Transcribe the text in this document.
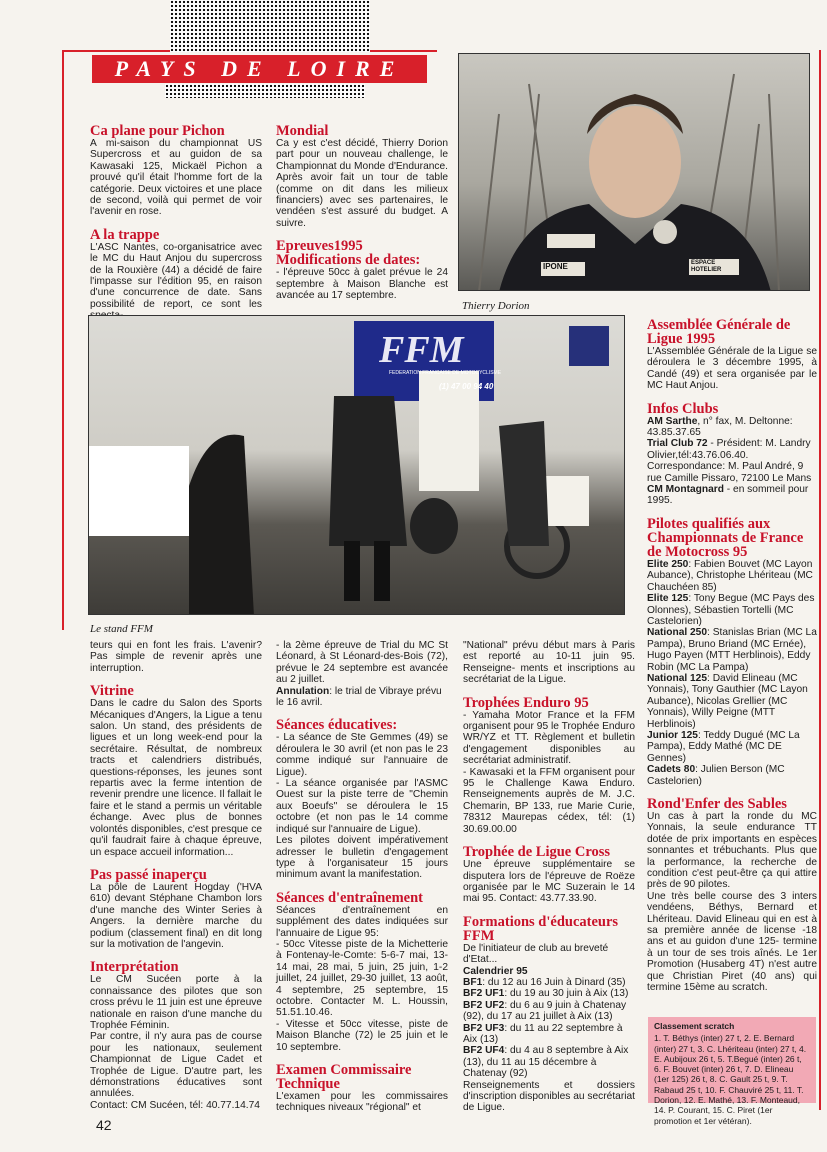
PAYS DE LOIRE
Ca plane pour Pichon

A mi-saison du championnat US Supercross et au guidon de sa Kawasaki 125, Mickaël Pichon a prouvé qu'il était l'homme fort de la catégorie. Deux victoires et une place de second, voilà qui permet de voir l'avenir en rose.

A la trappe

L'ASC Nantes, co-organisatrice avec le MC du Haut Anjou du supercross de la Rouxière (44) a décidé de faire l'impasse sur l'édition 95, en raison d'une concurrence de date. Sans possibilité de report, ce sont les

Mondial

Ca y est c'est décidé, Thierry Dorion part pour un nouveau challenge, le Championnat du Monde d'Endurance. Après avoir fait un tour de table (comme on dit dans les milieux financiers) avec ses partenaires, le vendéen s'est assuré du budget. A suivre.

Epreuves1995 Modifications de dates:

- l'épreuve 50cc à galet prévue le 24 septembre à Maison Blanche est avancée au 17 septembre.

IPONE	ESPACE HOTELIER
Thierry Dorion
FFM
FEDERATION FRANCAISE DE MOTOCYCLISME
(1) 47 00 94 40
Le stand FFM
Assemblée Générale de Ligue 1995

L'Assemblée Générale de la Ligue se déroulera le 3 décembre 1995, à Candé (49) et sera organisée par le MC Haut Anjou.

Infos Clubs

AM Sarthe, n° fax, M. Deltonne: 43.85.37.65

Trial Club 72 - Président: M. Landry Olivier,tél:43.76.06.40.

Correspondance: M. Paul André, 9 rue Camille Pissaro, 72100 Le Mans

CM Montagnard - en sommeil pour 1995.

Pilotes qualifiés aux Championnats de France de Motocross 95

Elite 250: Fabien Bouvet (MC Layon Aubance), Christophe Lhériteau (MC Chauchéen 85)

Elite 125: Tony Begue (MC Pays des Olonnes), Sébastien Tortelli (MC Castelorien)

National 250: Stanislas Brian (MC La Pampa), Bruno Briand (MC Ernée), Hugo Payen (MTT Herblinois), Eddy Robin (MC La Pampa)

National 125: David Elineau (MC Yonnais), Tony Gauthier (MC Layon Aubance), Nicolas Grellier (MC Yonnais), Willy Peigne (MTT Herblinois)

Junior 125: Teddy Dugué (MC La Pampa), Eddy Mathé (MC DE Gennes)

Cadets 80: Julien Berson (MC Castelorien)

Rond'Enfer des Sables

Un cas à part la ronde du MC Yonnais, la seule endurance TT dotée de prix importants en espèces sonnantes et trébuchants. Plus que la performance, la recherche de condition c'est peut-être ça qui attire près de 90 pilotes.

Une très belle course des 3 inters vendéens, Béthys, Bernard et Lhériteau. David Elineau qui en est à sa première année de license -18 ans et au guidon d'une 125- termine à un tour de ses trois aînés. Le 1er Promotion (Husaberg 4T) n'est autre que Christian Piret (40 ans) qui termine 15ème au scratch.

teurs qui en font les frais. L'avenir? Pas simple de revenir après une interruption.

Vitrine

Dans le cadre du Salon des Sports Mécaniques d'Angers, la Ligue a tenu salon. Un stand, des présidents de ligues et un long week-end pour la secrétaire. Résultat, de nombreux tracts et calendriers distribués, questions-réponses, les jeunes sont repartis avec la ferme intention de revenir prendre une licence. Il fallait le faire et le stand a permis un véritable échange. Avec plus de bonnes volontés disponibles, c'est presque ce qu'il faudrait faire à chaque épreuve, un espace accueil information...

Pas passé inaperçu

La pôle de Laurent Hogday ('HVA 610) devant Stéphane Chambon lors d'une manche des Winter Series à Angers. la dernière marche du podium (classement final) en dit long sur la motivation de l'angevin.

Interprétation

Le CM Sucéen porte à la connaissance des pilotes que son cross prévu le 11 juin est une épreuve nationale en raison d'une manche du Trophée Féminin.

Par contre, il n'y aura pas de course pour les nationaux, seulement Championnat de Ligue Cadet et Trophée de Ligue. D'autre part, les démonstrations éducatives sont annulées.

Contact: CM Sucéen, tél: 40.77.14.74

- la 2ème épreuve de Trial du MC St Léonard, à St Léonard-des-Bois (72), prévue le 24 septembre est avancée au 2 juillet.

Annulation: le trial de Vibraye prévu le 16 avril.

Séances éducatives:

- La séance de Ste Gemmes (49) se déroulera le 30 avril (et non pas le 23 comme indiqué sur l'annuaire de Ligue).

- La séance organisée par l'ASMC Ouest sur la piste terre de "Chemin aux Boeufs" se déroulera le 15 octobre (et non pas le 14 comme indiqué sur l'annuaire de Ligue).

Les pilotes doivent impérativement adresser le bulletin d'engagement type à l'organisateur 15 jours minimum avant la manifestation.

Séances d'entraînement

Séances d'entraînement en supplément des dates indiquées sur l'annuaire de Ligue 95:

- 50cc Vitesse piste de la Michetterie à Fontenay-le-Comte: 5-6-7 mai, 13-14 mai, 28 mai, 5 juin, 25 juin, 1-2 juillet, 24 juillet, 29-30 juillet, 13 août, 4 septembre, 25 septembre, 15 octobre. Contacter M. L. Houssin, 51.51.10.46.

- Vitesse et 50cc vitesse, piste de Maison Blanche (72) le 25 juin et le 10 septembre.

Examen Commissaire Technique

L'examen pour les commissaires techniques niveaux "régional" et

"National" prévu début mars à Paris est reporté au 10-11 juin 95. Renseigne- ments et inscriptions au secrétariat de la Ligue.

Trophées Enduro 95

- Yamaha Motor France et la FFM organisent pour 95 le Trophée Enduro WR/YZ et TT. Règlement et bulletin d'engagement disponibles au secrétariat administratif.

- Kawasaki et la FFM organisent pour 95 le Challenge Kawa Enduro. Renseignements auprès de M. J.C. Chemarin, BP 133, rue Marie Curie, 78312 Maurepas cédex, tél: (1) 30.69.00.00

Trophée de Ligue Cross

Une épreuve supplémentaire se disputera lors de l'épreuve de Roëze organisée par le MC Suzerain le 14 mai 95. Contact: 43.77.33.90.

Formations d'éducateurs FFM

De l'initiateur de club au breveté d'Etat...

Calendrier 95

BF1: du 12 au 16 Juin à Dinard (35)

BF2 UF1: du 19 au 30 juin à Aix (13)

BF2 UF2: du 6 au 9 juin à Chatenay (92), du 17 au 21 juillet à Aix (13)

BF2 UF3: du 11 au 22 septembre à Aix (13)

BF2 UF4: du 4 au 8 septembre à Aix (13), du 11 au 15 décembre à Chatenay (92)

Renseignements et dossiers d'inscription disponibles au secrétariat de Ligue.

Classement scratch
1. T. Béthys (inter) 27 t, 2. E. Bernard (inter) 27 t, 3. C. Lhériteau (inter) 27 t, 4. E. Aubijoux 26 t, 5. T.Begué (inter) 26 t, 6. F. Bouvet (inter) 26 t, 7. D. Elineau (1er 125) 26 t, 8. C. Gault 25 t, 9. T. Rabaud 25 t, 10. F. Chauviré 25 t, 11. T. Dorion, 12. E. Mathé, 13. F. Monteaud, 14. P. Courant, 15. C. Piret (1er promotion et 1er vétéran).
42
